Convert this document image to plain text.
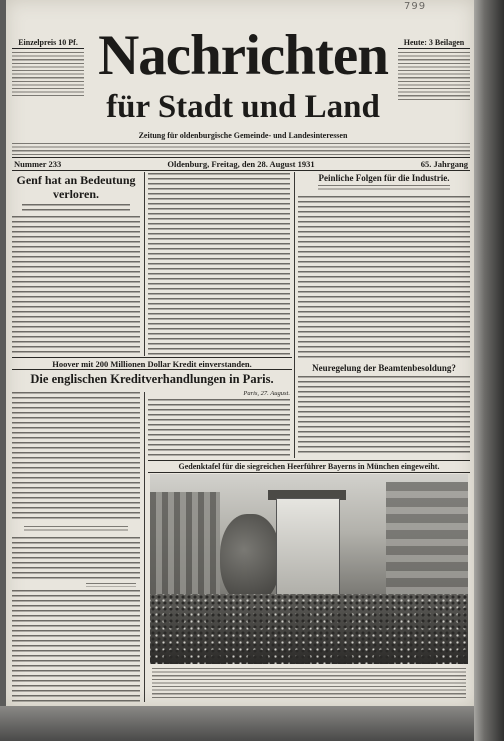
799
Einzelpreis 10 Pf. Nachrichten
für Stadt und Land
Zeitung für oldenburgische Gemeinde- und Landesinteressen
Heute: 3 Beilagen
Nummer 233	Oldenburg, Freitag, den 28. August 1931	65. Jahrgang
Genf hat an Bedeutung verloren.
Peinliche Folgen für die Industrie.
Neuregelung der Beamtenbesoldung?
Hoover mit 200 Millionen Dollar Kredit einverstanden.
Die englischen Kreditverhandlungen in Paris.
Paris, 27. August.
Gedenktafel für die siegreichen Heerführer Bayerns in München eingeweiht.
